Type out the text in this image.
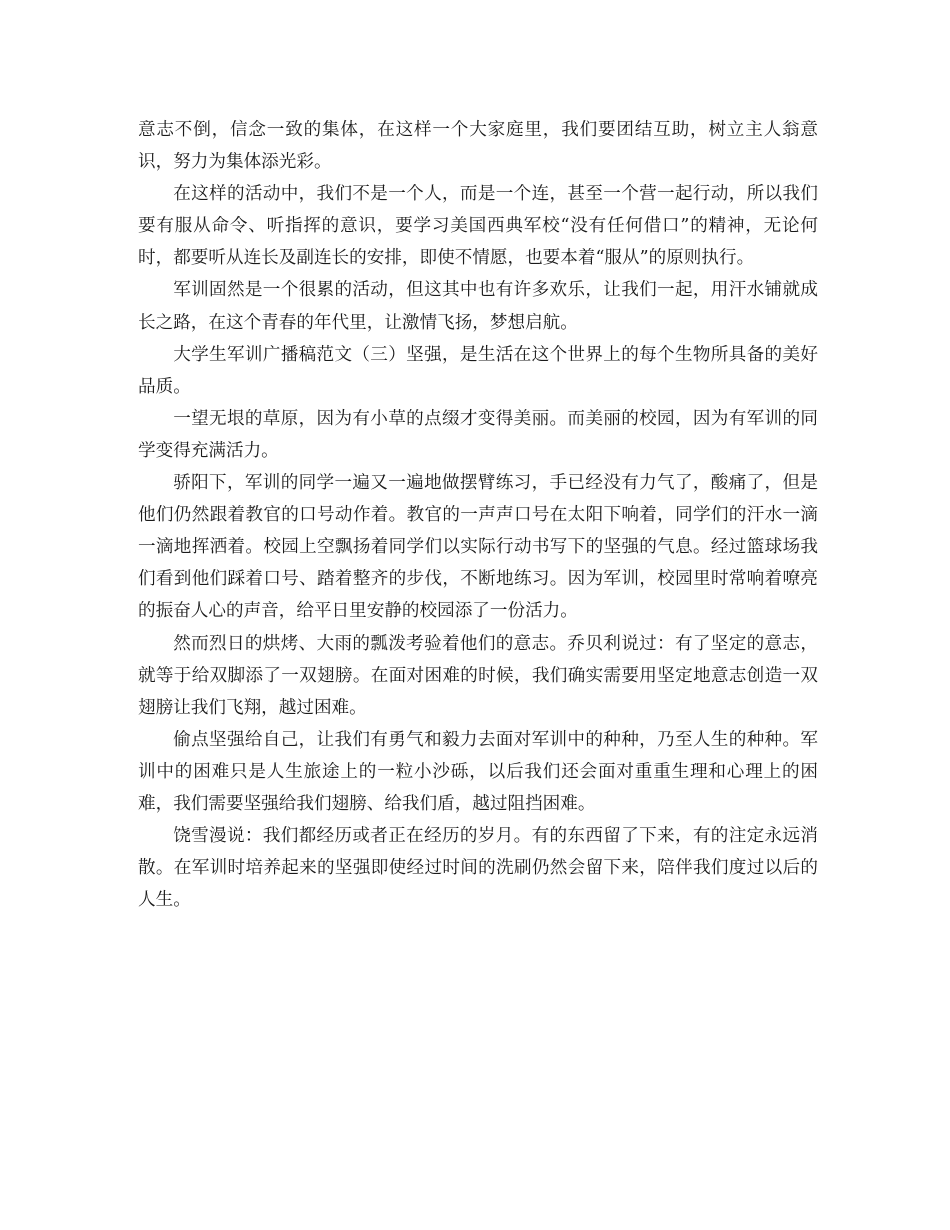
意志不倒，信念一致的集体，在这样一个大家庭里，我们要团结互助，树立主人翁意识，努力为集体添光彩。

在这样的活动中，我们不是一个人，而是一个连，甚至一个营一起行动，所以我们要有服从命令、听指挥的意识，要学习美国西典军校“没有任何借口”的精神，无论何时，都要听从连长及副连长的安排，即使不情愿，也要本着“服从”的原则执行。

军训固然是一个很累的活动，但这其中也有许多欢乐，让我们一起，用汗水铺就成长之路，在这个青春的年代里，让激情飞扬，梦想启航。

大学生军训广播稿范文（三）坚强，是生活在这个世界上的每个生物所具备的美好品质。

一望无垠的草原，因为有小草的点缀才变得美丽。而美丽的校园，因为有军训的同学变得充满活力。

骄阳下，军训的同学一遍又一遍地做摆臂练习，手已经没有力气了，酸痛了，但是他们仍然跟着教官的口号动作着。教官的一声声口号在太阳下响着，同学们的汗水一滴一滴地挥洒着。校园上空飘扬着同学们以实际行动书写下的坚强的气息。经过篮球场我们看到他们踩着口号、踏着整齐的步伐，不断地练习。因为军训，校园里时常响着嘹亮的振奋人心的声音，给平日里安静的校园添了一份活力。

然而烈日的烘烤、大雨的瓢泼考验着他们的意志。乔贝利说过：有了坚定的意志，就等于给双脚添了一双翅膀。在面对困难的时候，我们确实需要用坚定地意志创造一双翅膀让我们飞翔，越过困难。

偷点坚强给自己，让我们有勇气和毅力去面对军训中的种种，乃至人生的种种。军训中的困难只是人生旅途上的一粒小沙砾，以后我们还会面对重重生理和心理上的困难，我们需要坚强给我们翅膀、给我们盾，越过阻挡困难。

饶雪漫说：我们都经历或者正在经历的岁月。有的东西留了下来，有的注定永远消散。在军训时培养起来的坚强即使经过时间的洗刷仍然会留下来，陪伴我们度过以后的人生。
